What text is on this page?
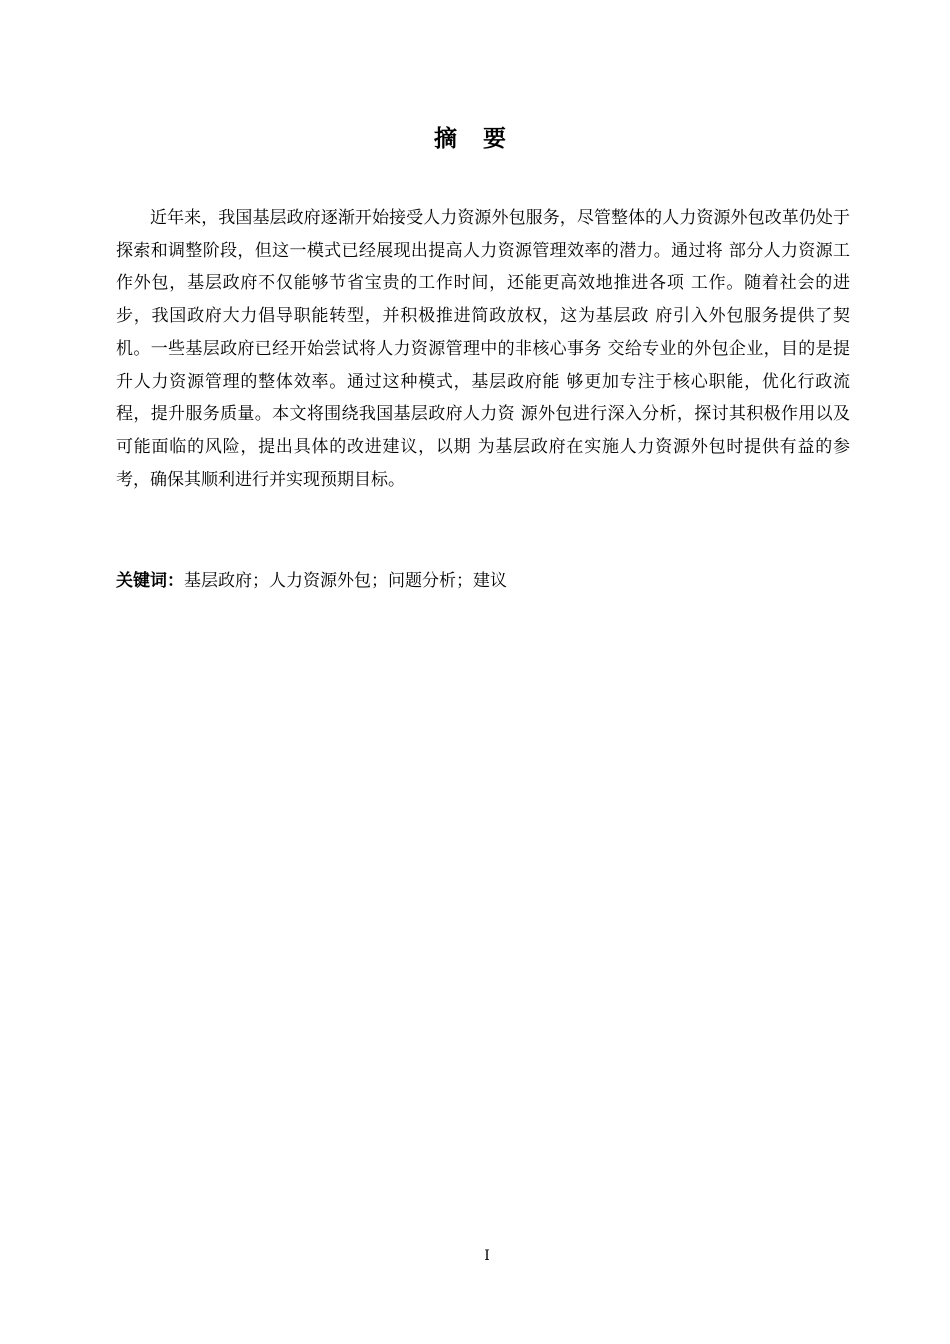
摘要

近年来，我国基层政府逐渐开始接受人力资源外包服务，尽管整体的人力资源外包改革仍处于探索和调整阶段，但这一模式已经展现出提高人力资源管理效率的潜力。通过将 部分人力资源工作外包，基层政府不仅能够节省宝贵的工作时间，还能更高效地推进各项 工作。随着社会的进步，我国政府大力倡导职能转型，并积极推进简政放权，这为基层政 府引入外包服务提供了契机。一些基层政府已经开始尝试将人力资源管理中的非核心事务 交给专业的外包企业，目的是提升人力资源管理的整体效率。通过这种模式，基层政府能 够更加专注于核心职能，优化行政流程，提升服务质量。本文将围绕我国基层政府人力资 源外包进行深入分析，探讨其积极作用以及可能面临的风险，提出具体的改进建议，以期 为基层政府在实施人力资源外包时提供有益的参考，确保其顺利进行并实现预期目标。

关键词：基层政府；人力资源外包；问题分析；建议
I
